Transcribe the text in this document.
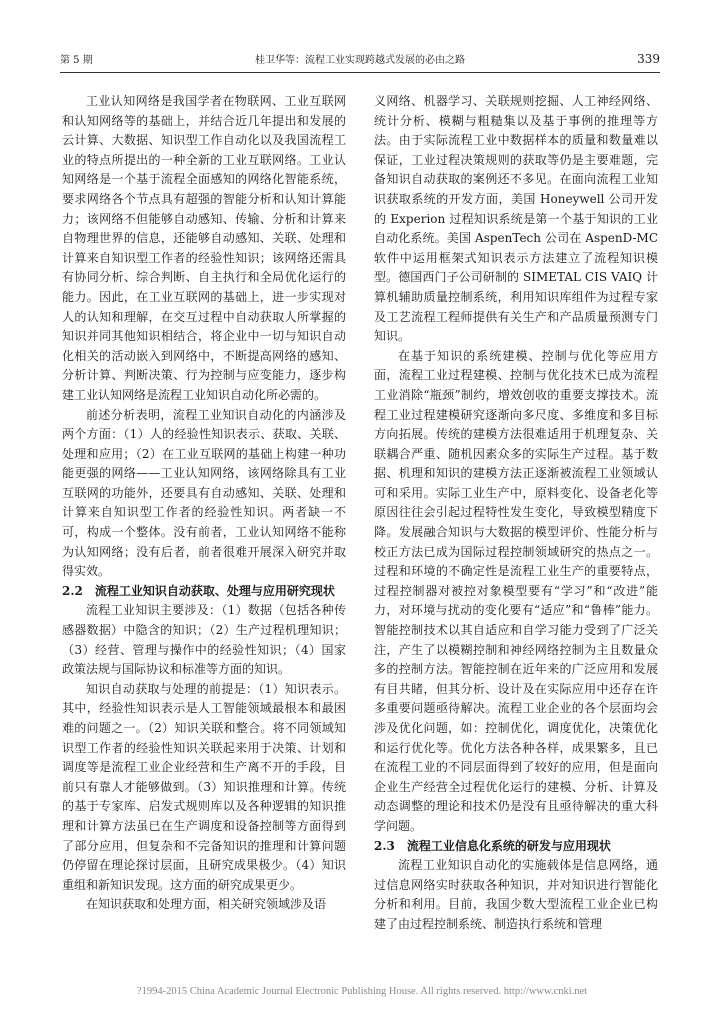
第 5 期	桂卫华等：流程工业实现跨越式发展的必由之路	339

工业认知网络是我国学者在物联网、工业互联网和认知网络等的基础上，并结合近几年提出和发展的云计算、大数据、知识型工作自动化以及我国流程工业的特点所提出的一种全新的工业互联网络。工业认知网络是一个基于流程全面感知的网络化智能系统，要求网络各个节点具有超强的智能分析和认知计算能力；该网络不但能够自动感知、传输、分析和计算来自物理世界的信息，还能够自动感知、关联、处理和计算来自知识型工作者的经验性知识；该网络还需具有协同分析、综合判断、自主执行和全局优化运行的能力。因此，在工业互联网的基础上，进一步实现对人的认知和理解，在交互过程中自动获取人所掌握的知识并同其他知识相结合，将企业中一切与知识自动化相关的活动嵌入到网络中，不断提高网络的感知、分析计算、判断决策、行为控制与应变能力，逐步构建工业认知网络是流程工业知识自动化所必需的。

前述分析表明，流程工业知识自动化的内涵涉及两个方面：（1）人的经验性知识表示、获取、关联、处理和应用；（2）在工业互联网的基础上构建一种功能更强的网络——工业认知网络，该网络除具有工业互联网的功能外，还要具有自动感知、关联、处理和计算来自知识型工作者的经验性知识。两者缺一不可，构成一个整体。没有前者，工业认知网络不能称为认知网络；没有后者，前者很难开展深入研究并取得实效。

2.2　流程工业知识自动获取、处理与应用研究现状

流程工业知识主要涉及：（1）数据（包括各种传感器数据）中隐含的知识；（2）生产过程机理知识；（3）经营、管理与操作中的经验性知识；（4）国家政策法规与国际协议和标准等方面的知识。

知识自动获取与处理的前提是：（1）知识表示。其中，经验性知识表示是人工智能领域最根本和最困难的问题之一。（2）知识关联和整合。将不同领域知识型工作者的经验性知识关联起来用于决策、计划和调度等是流程工业企业经营和生产离不开的手段，目前只有靠人才能够做到。（3）知识推理和计算。传统的基于专家库、启发式规则库以及各种逻辑的知识推理和计算方法虽已在生产调度和设备控制等方面得到了部分应用，但复杂和不完备知识的推理和计算问题仍停留在理论探讨层面，且研究成果极少。（4）知识重组和新知识发现。这方面的研究成果更少。

在知识获取和处理方面，相关研究领域涉及语

义网络、机器学习、关联规则挖掘、人工神经网络、统计分析、模糊与粗糙集以及基于事例的推理等方法。由于实际流程工业中数据样本的质量和数量难以保证，工业过程决策规则的获取等仍是主要难题，完备知识自动获取的案例还不多见。在面向流程工业知识获取系统的开发方面，美国 Honeywell 公司开发的 Experion 过程知识系统是第一个基于知识的工业自动化系统。美国 AspenTech 公司在 AspenD-MC 软件中运用框架式知识表示方法建立了流程知识模型。德国西门子公司研制的 SIMETAL CIS VAIQ 计算机辅助质量控制系统，利用知识库组件为过程专家及工艺流程工程师提供有关生产和产品质量预测专门知识。

在基于知识的系统建模、控制与优化等应用方面，流程工业过程建模、控制与优化技术已成为流程工业消除“瓶颈”制约，增效创收的重要支撑技术。流程工业过程建模研究逐渐向多尺度、多维度和多目标方向拓展。传统的建模方法很难适用于机理复杂、关联耦合严重、随机因素众多的实际生产过程。基于数据、机理和知识的建模方法正逐渐被流程工业领域认可和采用。实际工业生产中，原料变化、设备老化等原因往往会引起过程特性发生变化，导致模型精度下降。发展融合知识与大数据的模型评价、性能分析与校正方法已成为国际过程控制领域研究的热点之一。过程和环境的不确定性是流程工业生产的重要特点，过程控制器对被控对象模型要有“学习”和“改进”能力，对环境与扰动的变化要有“适应”和“鲁棒”能力。智能控制技术以其自适应和自学习能力受到了广泛关注，产生了以模糊控制和神经网络控制为主且数量众多的控制方法。智能控制在近年来的广泛应用和发展有目共睹，但其分析、设计及在实际应用中还存在许多重要问题亟待解决。流程工业企业的各个层面均会涉及优化问题，如：控制优化，调度优化，决策优化和运行优化等。优化方法各种各样，成果繁多，且已在流程工业的不同层面得到了较好的应用，但是面向企业生产经营全过程优化运行的建模、分析、计算及动态调整的理论和技术仍是没有且亟待解决的重大科学问题。

2.3　流程工业信息化系统的研发与应用现状

流程工业知识自动化的实施载体是信息网络，通过信息网络实时获取各种知识，并对知识进行智能化分析和利用。目前，我国少数大型流程工业企业已构建了由过程控制系统、制造执行系统和管理

?1994-2015 China Academic Journal Electronic Publishing House. All rights reserved. http://www.cnki.net
